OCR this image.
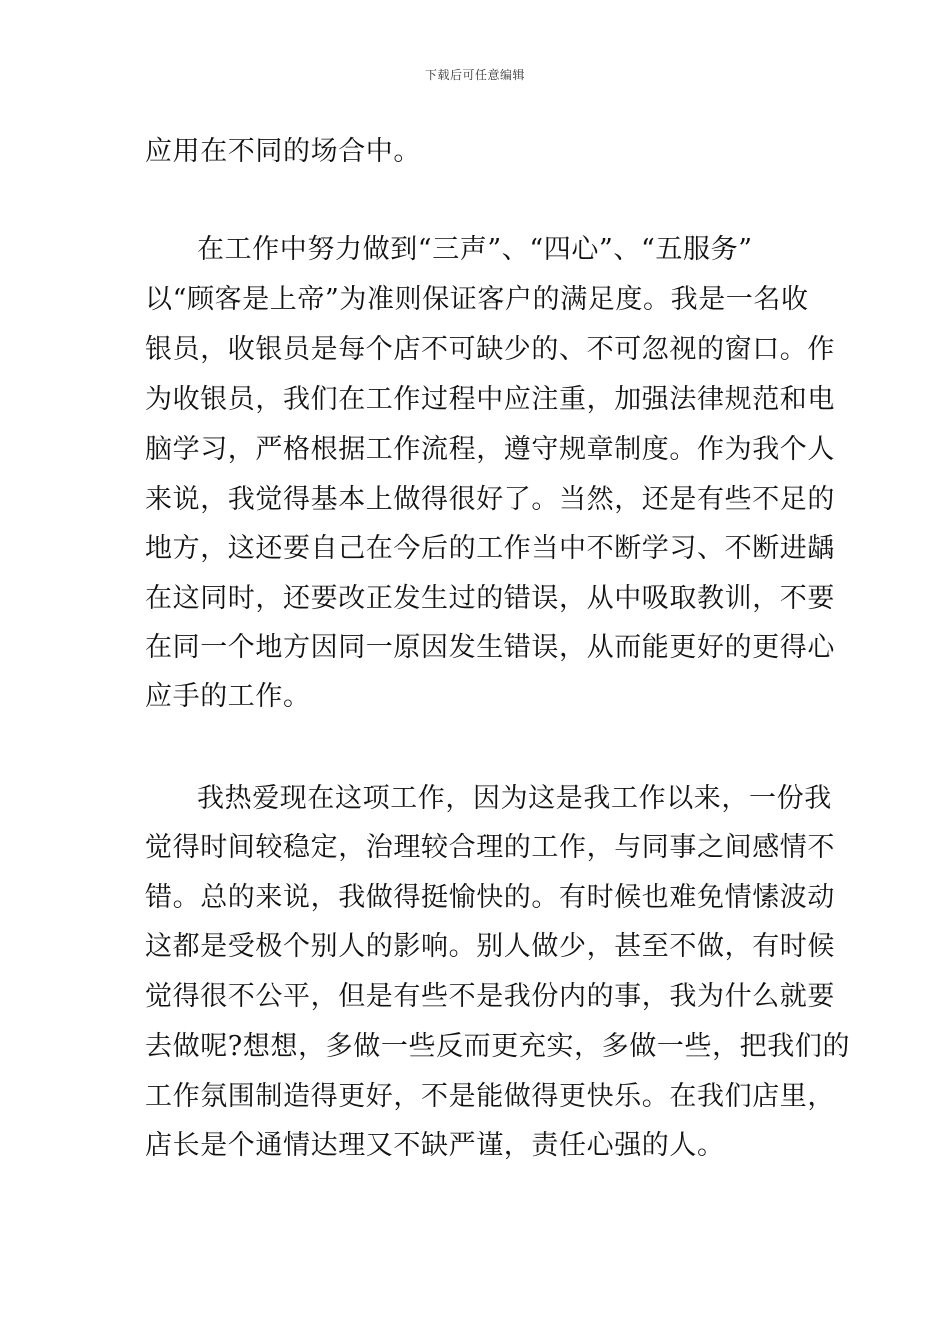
下载后可任意编辑
应用在不同的场合中。
在工作中努力做到“三声”、“四心”、“五服务”
以“顾客是上帝”为准则保证客户的满足度。我是一名收
银员，收银员是每个店不可缺少的、不可忽视的窗口。作
为收银员，我们在工作过程中应注重，加强法律规范和电
脑学习，严格根据工作流程，遵守规章制度。作为我个人
来说，我觉得基本上做得很好了。当然，还是有些不足的
地方，这还要自己在今后的工作当中不断学习、不断进龋
在这同时，还要改正发生过的错误，从中吸取教训，不要
在同一个地方因同一原因发生错误，从而能更好的更得心
应手的工作。
我热爱现在这项工作，因为这是我工作以来，一份我
觉得时间较稳定，治理较合理的工作，与同事之间感情不
错。总的来说，我做得挺愉快的。有时候也难免情愫波动
这都是受极个别人的影响。别人做少，甚至不做，有时候
觉得很不公平，但是有些不是我份内的事，我为什么就要
去做呢?想想，多做一些反而更充实，多做一些，把我们的
工作氛围制造得更好，不是能做得更快乐。在我们店里，
店长是个通情达理又不缺严谨，责任心强的人。
